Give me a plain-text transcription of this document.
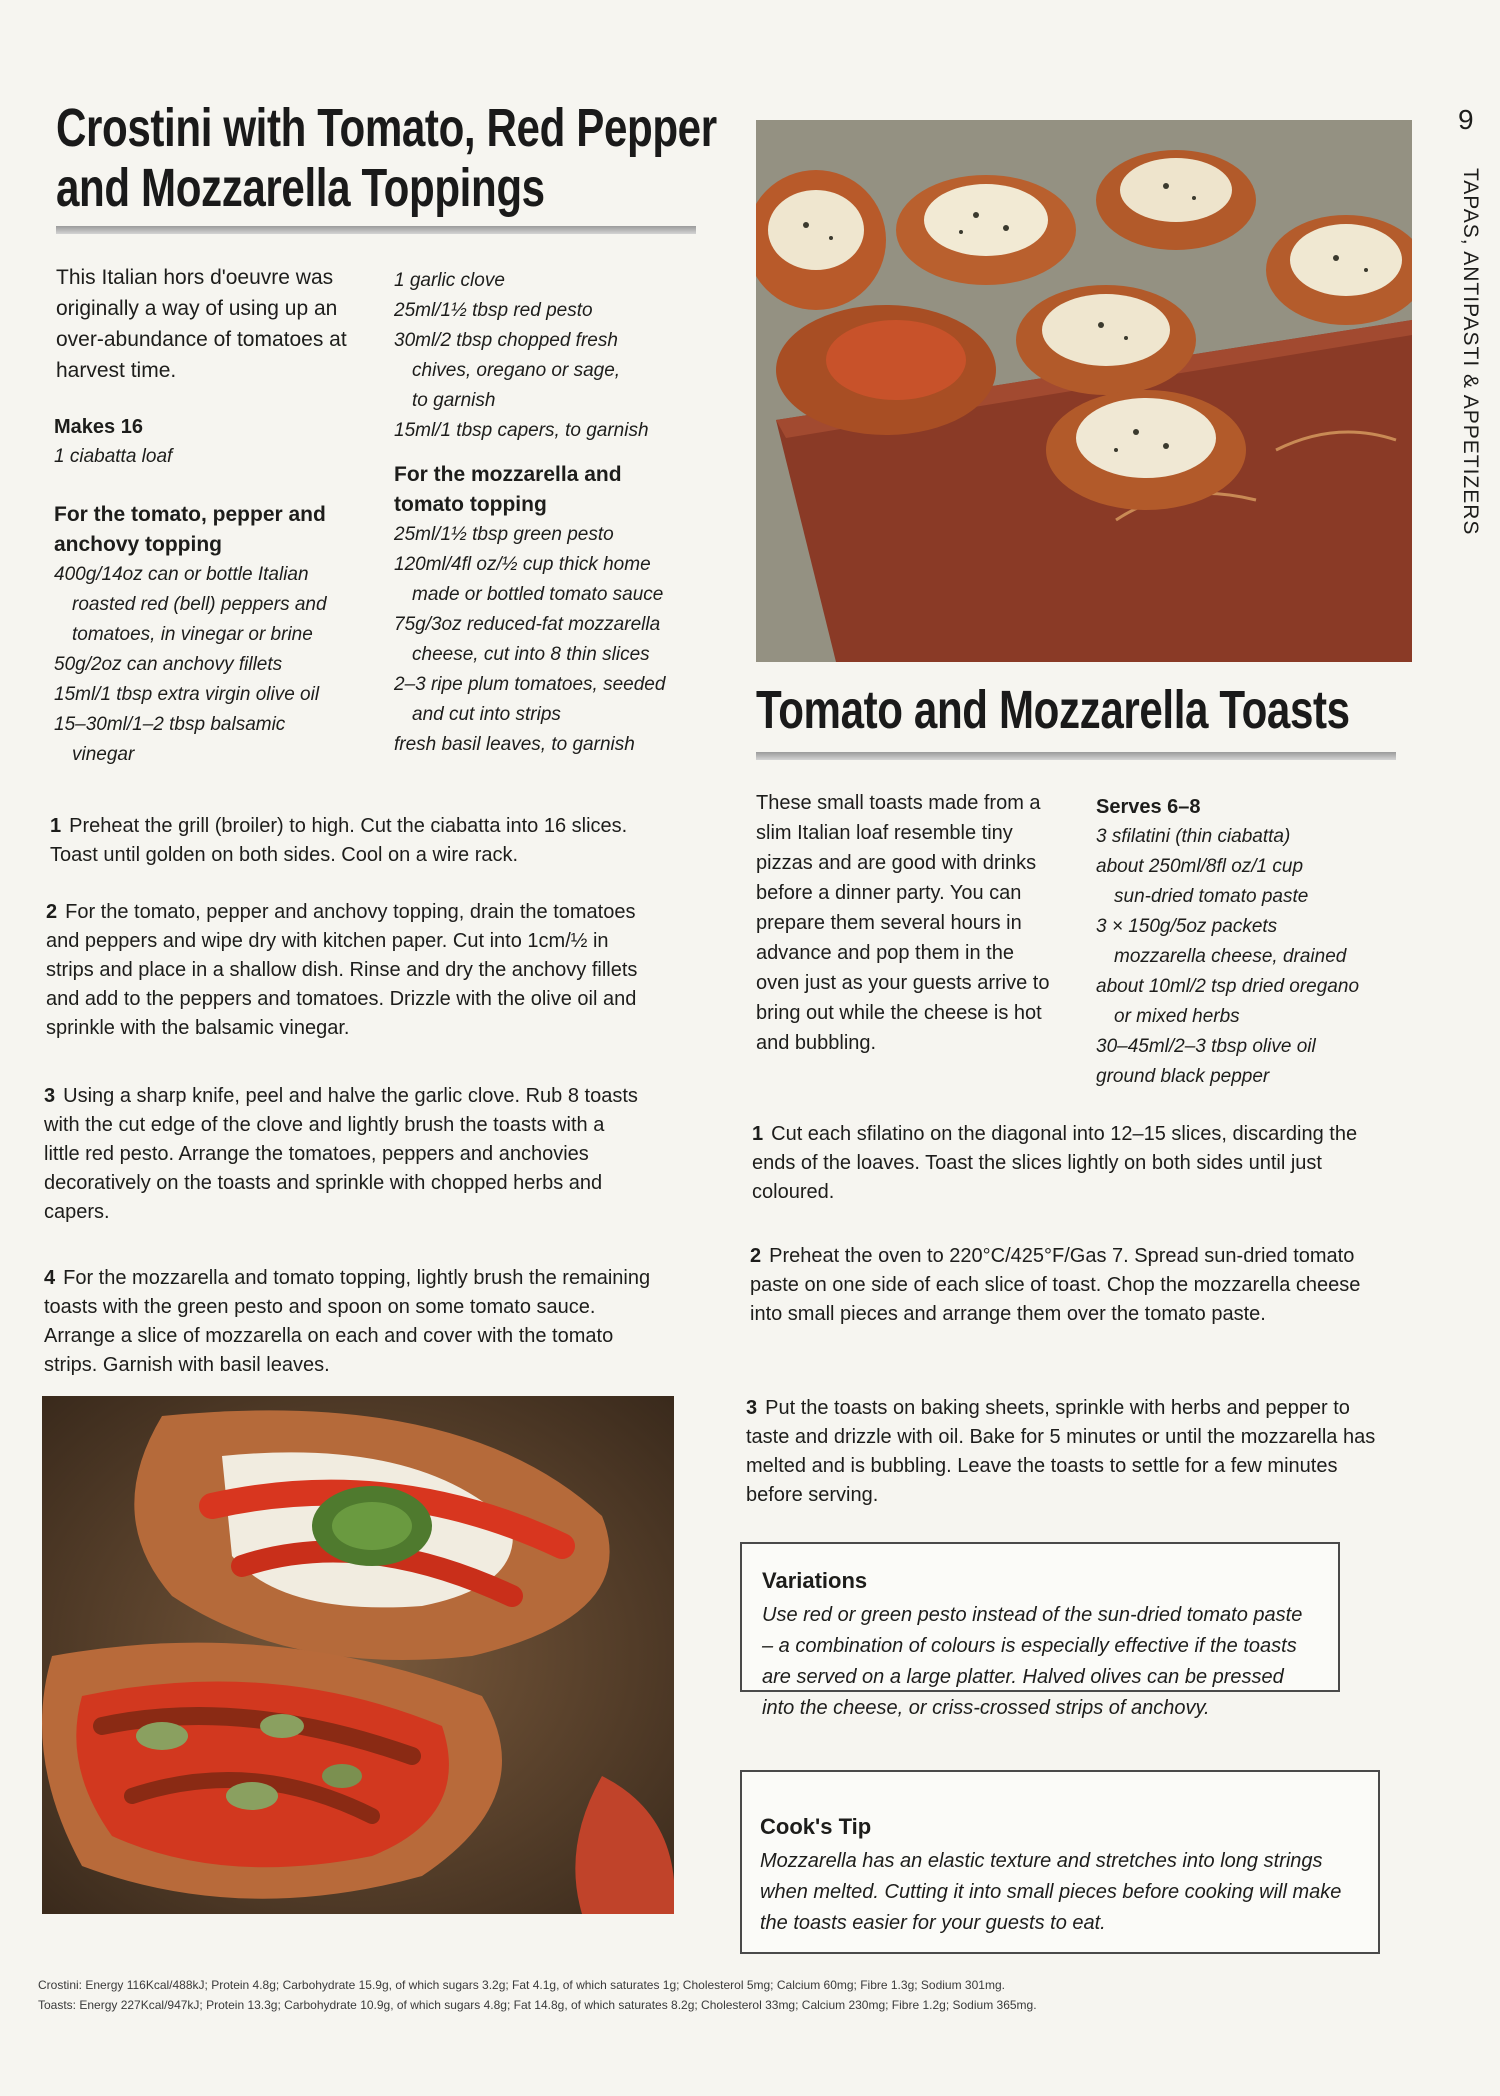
Crostini with Tomato, Red Pepper
and Mozzarella Toppings
This Italian hors d'oeuvre was originally a way of using up an over-abundance of tomatoes at harvest time.
Makes 16
1 ciabatta loaf
For the tomato, pepper and anchovy topping
400g/14oz can or bottle Italian
roasted red (bell) peppers and
tomatoes, in vinegar or brine
50g/2oz can anchovy fillets
15ml/1 tbsp extra virgin olive oil
15–30ml/1–2 tbsp balsamic
vinegar
1 garlic clove
25ml/1½ tbsp red pesto
30ml/2 tbsp chopped fresh
chives, oregano or sage,
to garnish
15ml/1 tbsp capers, to garnish
For the mozzarella and tomato topping
25ml/1½ tbsp green pesto
120ml/4fl oz/½ cup thick home
made or bottled tomato sauce
75g/3oz reduced-fat mozzarella
cheese, cut into 8 thin slices
2–3 ripe plum tomatoes, seeded
and cut into strips
fresh basil leaves, to garnish
1 Preheat the grill (broiler) to high. Cut the ciabatta into 16 slices. Toast until golden on both sides. Cool on a wire rack.
2 For the tomato, pepper and anchovy topping, drain the tomatoes and peppers and wipe dry with kitchen paper. Cut into 1cm/½ in strips and place in a shallow dish. Rinse and dry the anchovy fillets and add to the peppers and tomatoes. Drizzle with the olive oil and sprinkle with the balsamic vinegar.
3 Using a sharp knife, peel and halve the garlic clove. Rub 8 toasts with the cut edge of the clove and lightly brush the toasts with a little red pesto. Arrange the tomatoes, peppers and anchovies decoratively on the toasts and sprinkle with chopped herbs and capers.
4 For the mozzarella and tomato topping, lightly brush the remaining toasts with the green pesto and spoon on some tomato sauce. Arrange a slice of mozzarella on each and cover with the tomato strips. Garnish with basil leaves.
Tomato and Mozzarella Toasts
These small toasts made from a slim Italian loaf resemble tiny pizzas and are good with drinks before a dinner party. You can prepare them several hours in advance and pop them in the oven just as your guests arrive to bring out while the cheese is hot and bubbling.
Serves 6–8
3 sfilatini (thin ciabatta)
about 250ml/8fl oz/1 cup
sun-dried tomato paste
3 × 150g/5oz packets
mozzarella cheese, drained
about 10ml/2 tsp dried oregano
or mixed herbs
30–45ml/2–3 tbsp olive oil
ground black pepper
1 Cut each sfilatino on the diagonal into 12–15 slices, discarding the ends of the loaves. Toast the slices lightly on both sides until just coloured.
2 Preheat the oven to 220°C/425°F/Gas 7. Spread sun-dried tomato paste on one side of each slice of toast. Chop the mozzarella cheese into small pieces and arrange them over the tomato paste.
3 Put the toasts on baking sheets, sprinkle with herbs and pepper to taste and drizzle with oil. Bake for 5 minutes or until the mozzarella has melted and is bubbling. Leave the toasts to settle for a few minutes before serving.
Variations

Use red or green pesto instead of the sun-dried tomato paste – a combination of colours is especially effective if the toasts are served on a large platter. Halved olives can be pressed into the cheese, or criss-crossed strips of anchovy.

Cook's Tip

Mozzarella has an elastic texture and stretches into long strings when melted. Cutting it into small pieces before cooking will make the toasts easier for your guests to eat.

Crostini: Energy 116Kcal/488kJ; Protein 4.8g; Carbohydrate 15.9g, of which sugars 3.2g; Fat 4.1g, of which saturates 1g; Cholesterol 5mg; Calcium 60mg; Fibre 1.3g; Sodium 301mg.
Toasts: Energy 227Kcal/947kJ; Protein 13.3g; Carbohydrate 10.9g, of which sugars 4.8g; Fat 14.8g, of which saturates 8.2g; Cholesterol 33mg; Calcium 230mg; Fibre 1.2g; Sodium 365mg.
9
TAPAS, ANTIPASTI & APPETIZERS
